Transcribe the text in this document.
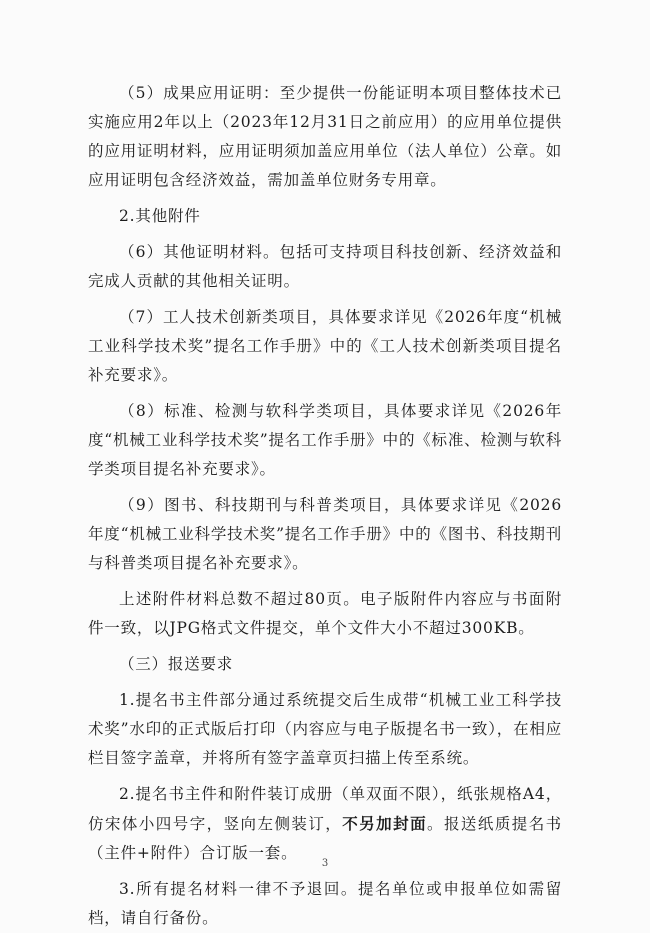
（5）成果应用证明：至少提供一份能证明本项目整体技术已实施应用2年以上（2023年12月31日之前应用）的应用单位提供的应用证明材料，应用证明须加盖应用单位（法人单位）公章。如应用证明包含经济效益，需加盖单位财务专用章。

2.其他附件

（6）其他证明材料。包括可支持项目科技创新、经济效益和完成人贡献的其他相关证明。

（7）工人技术创新类项目，具体要求详见《2026年度“机械工业科学技术奖”提名工作手册》中的《工人技术创新类项目提名补充要求》。

（8）标准、检测与软科学类项目，具体要求详见《2026年度“机械工业科学技术奖”提名工作手册》中的《标准、检测与软科学类项目提名补充要求》。

（9）图书、科技期刊与科普类项目，具体要求详见《2026年度“机械工业科学技术奖”提名工作手册》中的《图书、科技期刊与科普类项目提名补充要求》。

上述附件材料总数不超过80页。电子版附件内容应与书面附件一致，以JPG格式文件提交，单个文件大小不超过300KB。

（三）报送要求

1.提名书主件部分通过系统提交后生成带“机械工业工科学技术奖”水印的正式版后打印（内容应与电子版提名书一致），在相应栏目签字盖章，并将所有签字盖章页扫描上传至系统。

2.提名书主件和附件装订成册（单双面不限），纸张规格A4，仿宋体小四号字，竖向左侧装订，不另加封面。报送纸质提名书（主件+附件）合订版一套。

3.所有提名材料一律不予退回。提名单位或申报单位如需留档，请自行备份。

3
